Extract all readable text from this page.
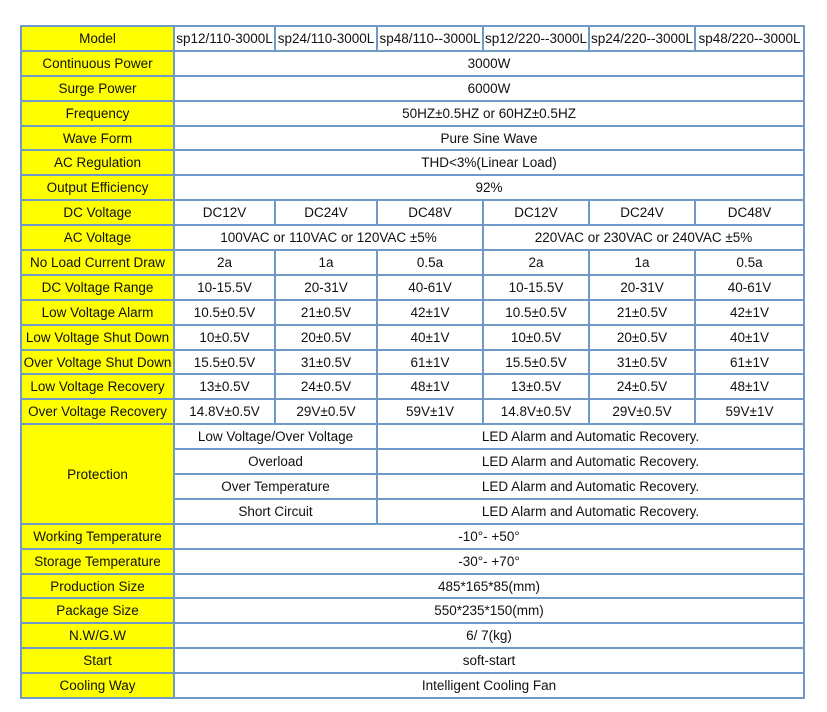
Model	sp12/110-3000L	sp24/110-3000L	sp48/110--3000L	sp12/220--3000L	sp24/220--3000L	sp48/220--3000L
Continuous Power	3000W					
Surge Power	6000W					
Frequency	50HZ±0.5HZ or 60HZ±0.5HZ					
Wave Form	Pure Sine Wave					
AC Regulation	THD<3%(Linear Load)					
Output Efficiency	92%					
DC Voltage	DC12V	DC24V	DC48V	DC12V	DC24V	DC48V
AC Voltage	100VAC or 110VAC or 120VAC ±5%			220VAC or 230VAC or 240VAC ±5%		
No Load Current Draw	2a	1a	0.5a	2a	1a	0.5a
DC Voltage Range	10-15.5V	20-31V	40-61V	10-15.5V	20-31V	40-61V
Low Voltage Alarm	10.5±0.5V	21±0.5V	42±1V	10.5±0.5V	21±0.5V	42±1V
Low Voltage Shut Down	10±0.5V	20±0.5V	40±1V	10±0.5V	20±0.5V	40±1V
Over Voltage Shut Down	15.5±0.5V	31±0.5V	61±1V	15.5±0.5V	31±0.5V	61±1V
Low Voltage Recovery	13±0.5V	24±0.5V	48±1V	13±0.5V	24±0.5V	48±1V
Over Voltage Recovery	14.8V±0.5V	29V±0.5V	59V±1V	14.8V±0.5V	29V±0.5V	59V±1V
Protection	Low Voltage/Over Voltage		LED Alarm and Automatic Recovery.			
	Overload		LED Alarm and Automatic Recovery.			
	Over Temperature		LED Alarm and Automatic Recovery.			
	Short Circuit		LED Alarm and Automatic Recovery.			
Working Temperature	-10°- +50°					
Storage Temperature	-30°- +70°					
Production Size	485*165*85(mm)					
Package Size	550*235*150(mm)					
N.W/G.W	6/ 7(kg)					
Start	soft-start					
Cooling Way	Intelligent Cooling Fan					
